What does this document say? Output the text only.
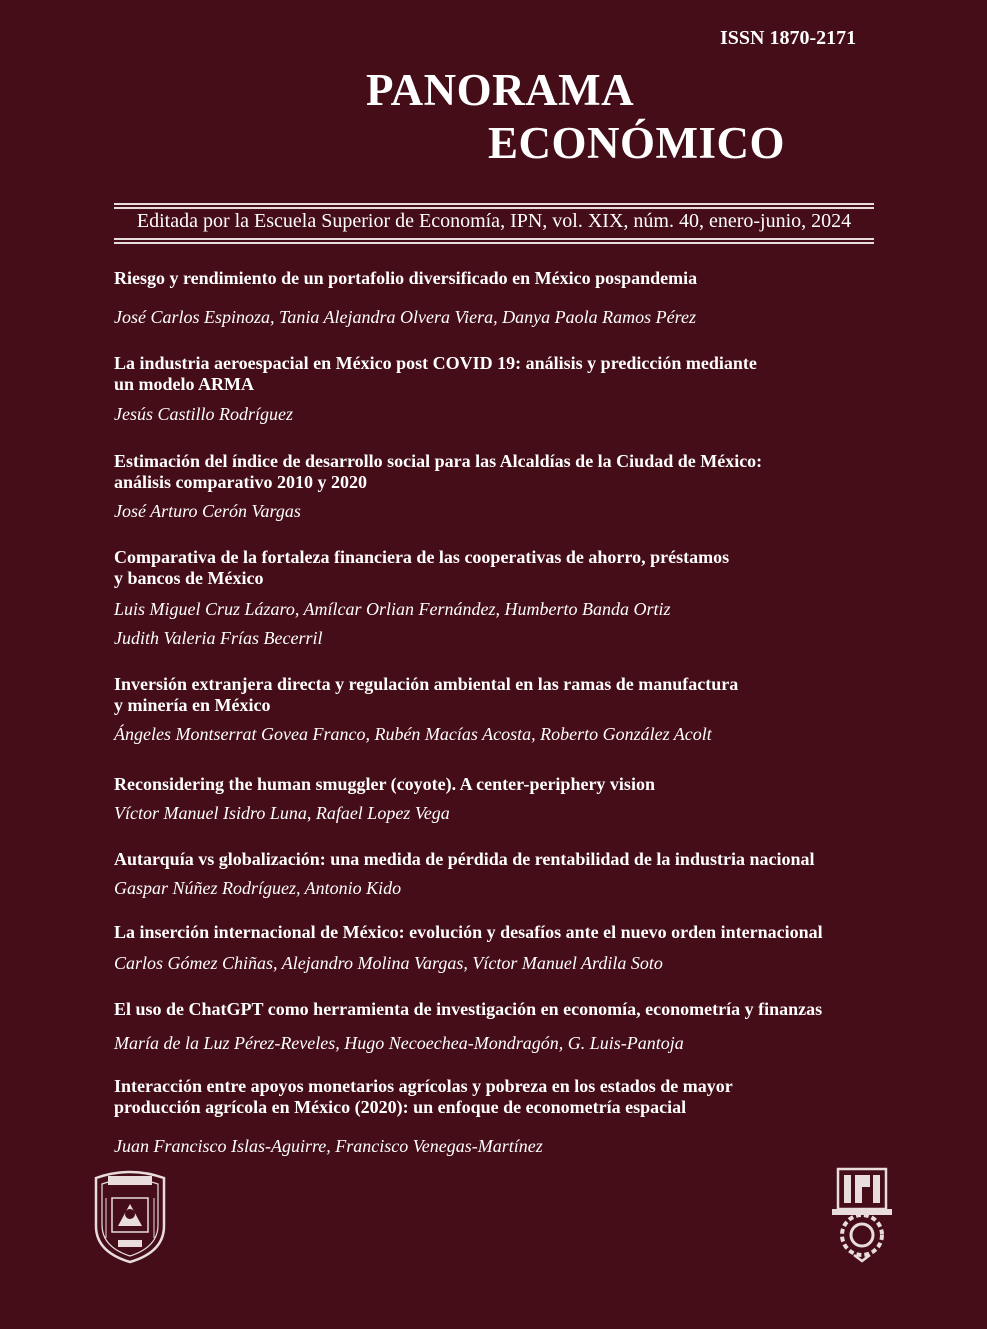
ISSN 1870-2171
PANORAMA
ECONÓMICO
Editada por la Escuela Superior de Economía, IPN, vol. XIX, núm. 40, enero-junio, 2024
Riesgo y rendimiento de un portafolio diversificado en México pospandemia
José Carlos Espinoza, Tania Alejandra Olvera Viera, Danya Paola Ramos Pérez
La industria aeroespacial en México post COVID 19: análisis y predicción mediante
un modelo ARMA
Jesús Castillo Rodríguez
Estimación del índice de desarrollo social para las Alcaldías de la Ciudad de México:
análisis comparativo 2010 y 2020
José Arturo Cerón Vargas
Comparativa de la fortaleza financiera de las cooperativas de ahorro, préstamos
y bancos de México
Luis Miguel Cruz Lázaro, Amílcar Orlian Fernández, Humberto Banda Ortiz
Judith Valeria Frías Becerril
Inversión extranjera directa y regulación ambiental en las ramas de manufactura
y minería en México
Ángeles Montserrat Govea Franco, Rubén Macías Acosta, Roberto González Acolt
Reconsidering the human smuggler (coyote). A center-periphery vision
Víctor Manuel Isidro Luna, Rafael Lopez Vega
Autarquía vs globalización: una medida de pérdida de rentabilidad de la industria nacional
Gaspar Núñez Rodríguez, Antonio Kido
La inserción internacional de México: evolución y desafíos ante el nuevo orden internacional
Carlos Gómez Chiñas, Alejandro Molina Vargas, Víctor Manuel Ardila Soto
El uso de ChatGPT como herramienta de investigación en economía, econometría y finanzas
María de la Luz Pérez-Reveles, Hugo Necoechea-Mondragón, G. Luis-Pantoja
Interacción entre apoyos monetarios agrícolas y pobreza en los estados de mayor
producción agrícola en México (2020): un enfoque de econometría espacial
Juan Francisco Islas-Aguirre, Francisco Venegas-Martínez
